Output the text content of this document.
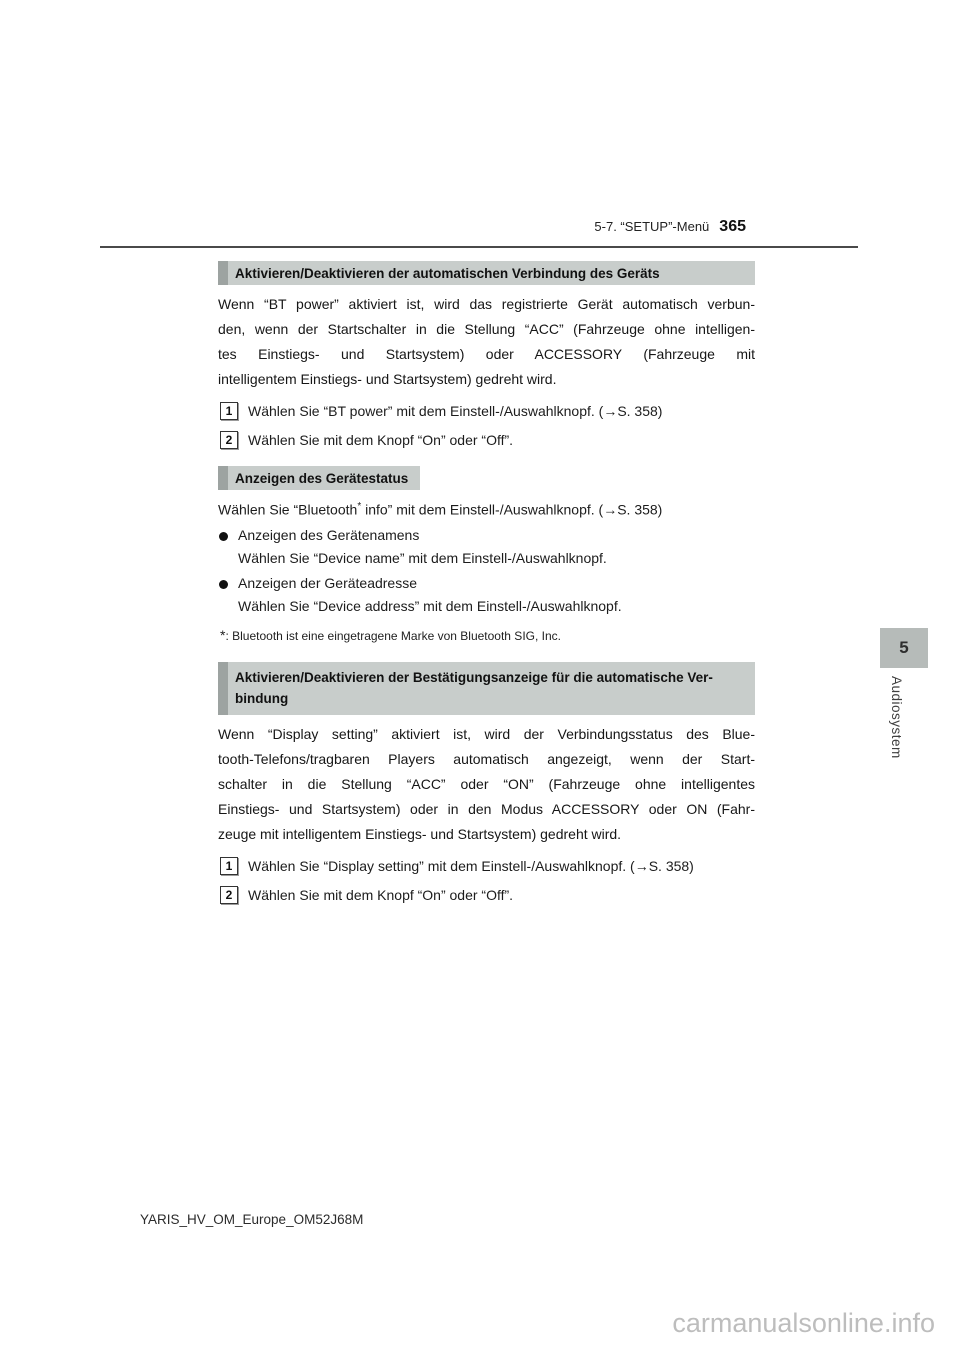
5-7. “SETUP”-Menü 365
Aktivieren/Deaktivieren der automatischen Verbindung des Geräts
Wenn “BT power” aktiviert ist, wird das registrierte Gerät automatisch verbun-
den, wenn der Startschalter in die Stellung “ACC” (Fahrzeuge ohne intelligen-
tes Einstiegs- und Startsystem) oder ACCESSORY (Fahrzeuge mit
intelligentem Einstiegs- und Startsystem) gedreht wird.
1	Wählen Sie “BT power” mit dem Einstell-/Auswahlknopf. (→S. 358)
2	Wählen Sie mit dem Knopf “On” oder “Off”.
Anzeigen des Gerätestatus
Wählen Sie “Bluetooth* info” mit dem Einstell-/Auswahlknopf. (→S. 358)
Anzeigen des Gerätenamens
Wählen Sie “Device name” mit dem Einstell-/Auswahlknopf.
Anzeigen der Geräteadresse
Wählen Sie “Device address” mit dem Einstell-/Auswahlknopf.
*: Bluetooth ist eine eingetragene Marke von Bluetooth SIG, Inc.
Aktivieren/Deaktivieren der Bestätigungsanzeige für die automatische Ver-
bindung
Wenn “Display setting” aktiviert ist, wird der Verbindungsstatus des Blue-
tooth-Telefons/tragbaren Players automatisch angezeigt, wenn der Start-
schalter in die Stellung “ACC” oder “ON” (Fahrzeuge ohne intelligentes
Einstiegs- und Startsystem) oder in den Modus ACCESSORY oder ON (Fahr-
zeuge mit intelligentem Einstiegs- und Startsystem) gedreht wird.
1	Wählen Sie “Display setting” mit dem Einstell-/Auswahlknopf. (→S. 358)
2	Wählen Sie mit dem Knopf “On” oder “Off”.
5
Audiosystem
YARIS_HV_OM_Europe_OM52J68M
carmanualsonline.info
